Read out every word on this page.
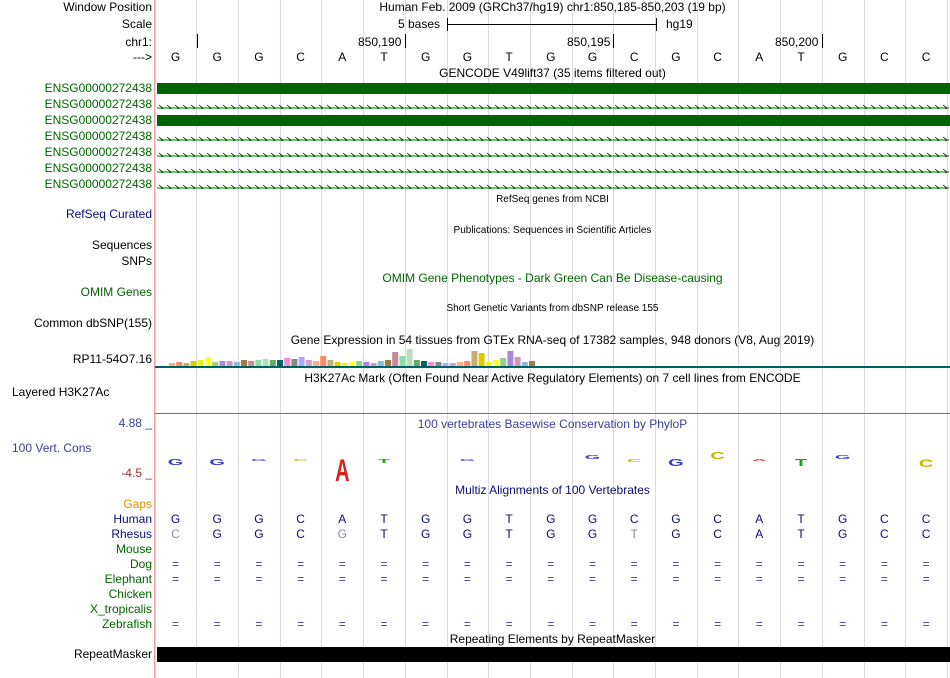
Window Position	Human Feb. 2009 (GRCh37/hg19) chr1:850,185-850,203 (19 bp)
Scale	5 bases	hg19
chr1:	850,190	850,195	850,200
--->
GENCODE V49lift37 (35 items filtered out)
RefSeq genes from NCBI
RefSeq Curated
Publications: Sequences in Scientific Articles
Sequences
SNPs
OMIM Gene Phenotypes - Dark Green Can Be Disease-causing
OMIM Genes
Short Genetic Variants from dbSNP release 155
Common dbSNP(155)
Gene Expression in 54 tissues from GTEx RNA-seq of 17382 samples, 948 donors (V8, Aug 2019)
RP11-54O7.16
H3K27Ac Mark (Often Found Near Active Regulatory Elements) on 7 cell lines from ENCODE
Layered H3K27Ac
100 vertebrates Basewise Conservation by PhyloP
4.88 _
100 Vert. Cons
-4.5 _
G G G C A T	G	G
C G
C A T
G	C
Multiz Alignments of 100 Vertebrates
Gaps
Repeating Elements by RepeatMasker
RepeatMasker
G	G	G	C	A	T	G	G	T	G	G	C	G	C	A	T	G	C	C
ENSG00000272438
ENSG00000272438
ENSG00000272438
ENSG00000272438
ENSG00000272438
ENSG00000272438
ENSG00000272438
Human	G	G	G	C	A	T	G	G	T	G	G	C	G	C	A	T	G	C	C
Rhesus	C	G	G	C	G	T	G	G	T	G	G	T	G	C	A	T	G	C	C
Mouse
Dog	=	=	=	=	=	=	=	=	=	=	=	=	=	=	=	=	=	=	=
Elephant	=	=	=	=	=	=	=	=	=	=	=	=	=	=	=	=	=	=	=
Chicken
X_tropicalis
Zebrafish	=	=	=	=	=	=	=	=	=	=	=	=	=	=	=	=	=	=	=
